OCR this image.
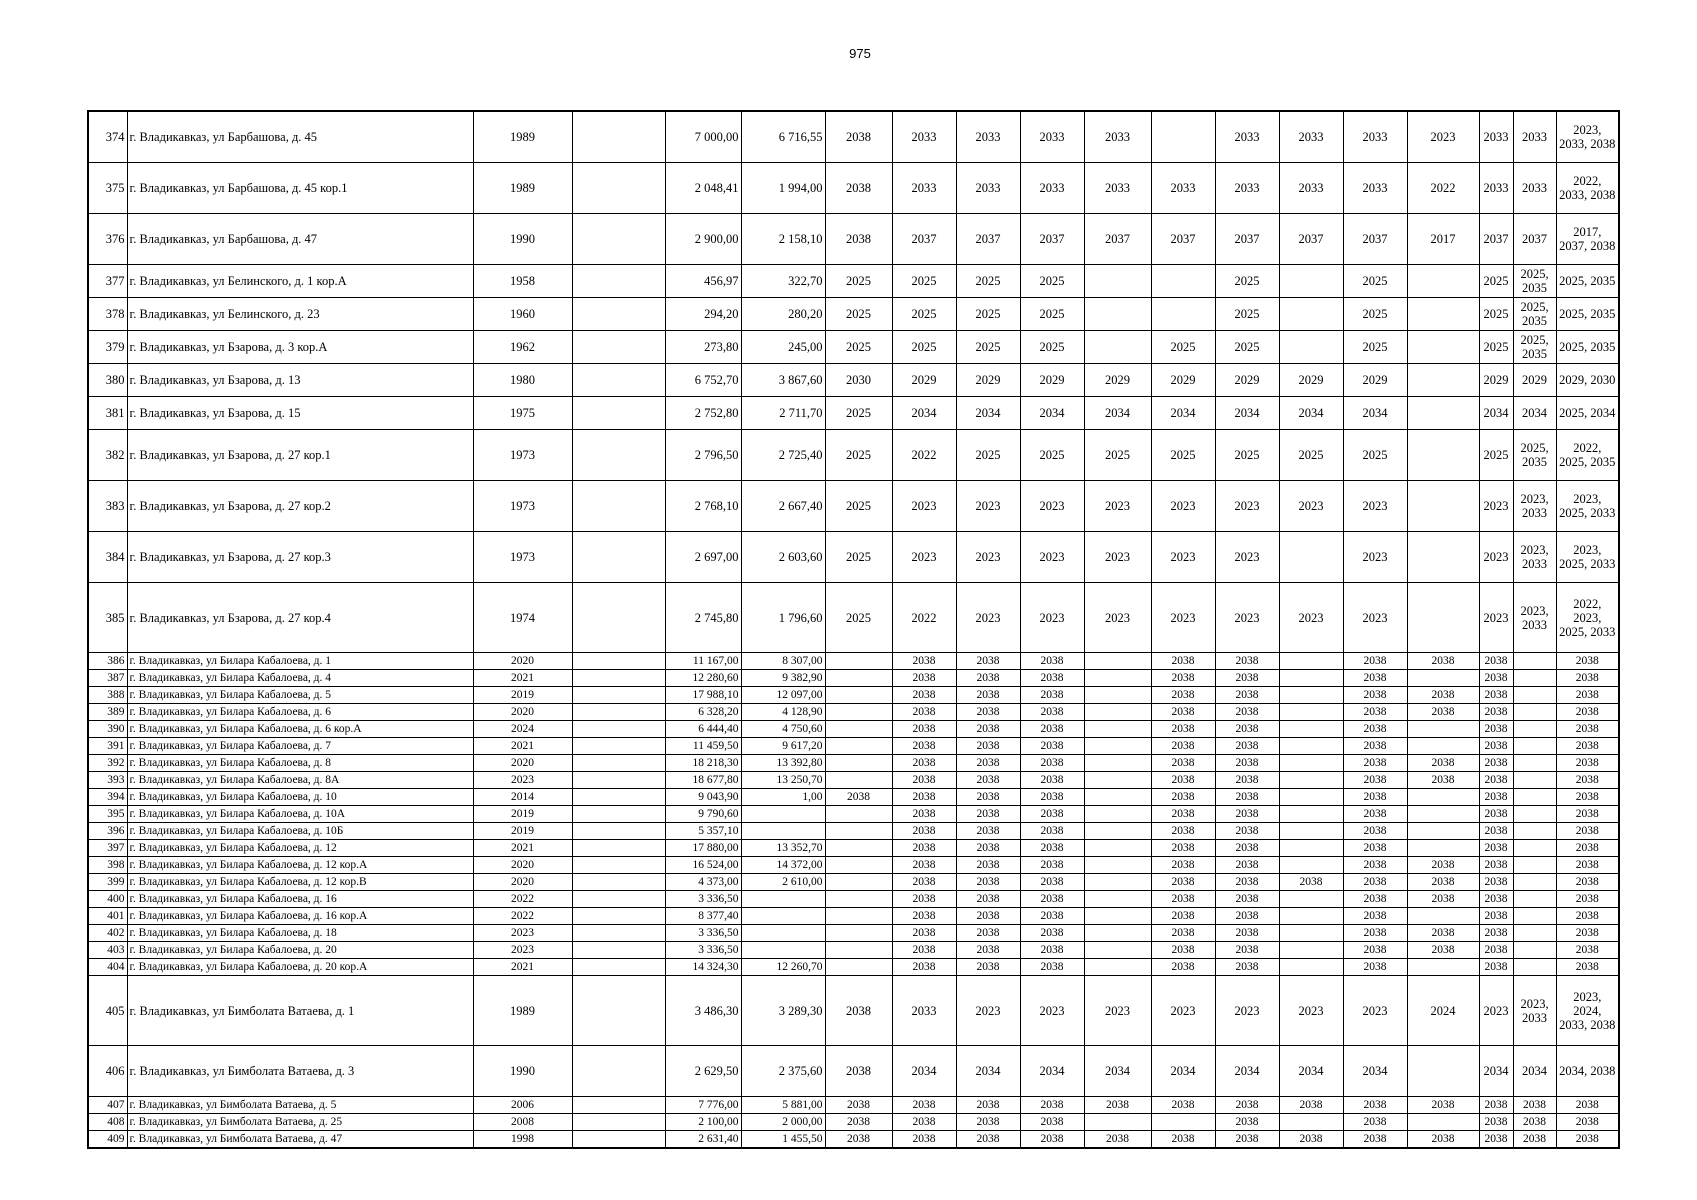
975
374	г. Владикавказ, ул Барбашова, д. 45	1989		7 000,00	6 716,55	2038	2033	2033	2033	2033		2033	2033	2033	2023	2033	2033	2023, 2033, 2038
375	г. Владикавказ, ул Барбашова, д. 45 кор.1	1989		2 048,41	1 994,00	2038	2033	2033	2033	2033	2033	2033	2033	2033	2022	2033	2033	2022, 2033, 2038
376	г. Владикавказ, ул Барбашова, д. 47	1990		2 900,00	2 158,10	2038	2037	2037	2037	2037	2037	2037	2037	2037	2017	2037	2037	2017, 2037, 2038
377	г. Владикавказ, ул Белинского, д. 1 кор.А	1958		456,97	322,70	2025	2025	2025	2025			2025		2025		2025	2025, 2035	2025, 2035
378	г. Владикавказ, ул Белинского, д. 23	1960		294,20	280,20	2025	2025	2025	2025			2025		2025		2025	2025, 2035	2025, 2035
379	г. Владикавказ, ул Бзарова, д. 3 кор.А	1962		273,80	245,00	2025	2025	2025	2025		2025	2025		2025		2025	2025, 2035	2025, 2035
380	г. Владикавказ, ул Бзарова, д. 13	1980		6 752,70	3 867,60	2030	2029	2029	2029	2029	2029	2029	2029	2029		2029	2029	2029, 2030
381	г. Владикавказ, ул Бзарова, д. 15	1975		2 752,80	2 711,70	2025	2034	2034	2034	2034	2034	2034	2034	2034		2034	2034	2025, 2034
382	г. Владикавказ, ул Бзарова, д. 27 кор.1	1973		2 796,50	2 725,40	2025	2022	2025	2025	2025	2025	2025	2025	2025		2025	2025, 2035	2022, 2025, 2035
383	г. Владикавказ, ул Бзарова, д. 27 кор.2	1973		2 768,10	2 667,40	2025	2023	2023	2023	2023	2023	2023	2023	2023		2023	2023, 2033	2023, 2025, 2033
384	г. Владикавказ, ул Бзарова, д. 27 кор.3	1973		2 697,00	2 603,60	2025	2023	2023	2023	2023	2023	2023		2023		2023	2023, 2033	2023, 2025, 2033
385	г. Владикавказ, ул Бзарова, д. 27 кор.4	1974		2 745,80	1 796,60	2025	2022	2023	2023	2023	2023	2023	2023	2023		2023	2023, 2033	2022, 2023, 2025, 2033
386	г. Владикавказ, ул Билара Кабалоева, д. 1	2020		11 167,00	8 307,00		2038	2038	2038		2038	2038		2038	2038	2038		2038
387	г. Владикавказ, ул Билара Кабалоева, д. 4	2021		12 280,60	9 382,90		2038	2038	2038		2038	2038		2038		2038		2038
388	г. Владикавказ, ул Билара Кабалоева, д. 5	2019		17 988,10	12 097,00		2038	2038	2038		2038	2038		2038	2038	2038		2038
389	г. Владикавказ, ул Билара Кабалоева, д. 6	2020		6 328,20	4 128,90		2038	2038	2038		2038	2038		2038	2038	2038		2038
390	г. Владикавказ, ул Билара Кабалоева, д. 6 кор.А	2024		6 444,40	4 750,60		2038	2038	2038		2038	2038		2038		2038		2038
391	г. Владикавказ, ул Билара Кабалоева, д. 7	2021		11 459,50	9 617,20		2038	2038	2038		2038	2038		2038		2038		2038
392	г. Владикавказ, ул Билара Кабалоева, д. 8	2020		18 218,30	13 392,80		2038	2038	2038		2038	2038		2038	2038	2038		2038
393	г. Владикавказ, ул Билара Кабалоева, д. 8А	2023		18 677,80	13 250,70		2038	2038	2038		2038	2038		2038	2038	2038		2038
394	г. Владикавказ, ул Билара Кабалоева, д. 10	2014		9 043,90	1,00	2038	2038	2038	2038		2038	2038		2038		2038		2038
395	г. Владикавказ, ул Билара Кабалоева, д. 10А	2019		9 790,60			2038	2038	2038		2038	2038		2038		2038		2038
396	г. Владикавказ, ул Билара Кабалоева, д. 10Б	2019		5 357,10			2038	2038	2038		2038	2038		2038		2038		2038
397	г. Владикавказ, ул Билара Кабалоева, д. 12	2021		17 880,00	13 352,70		2038	2038	2038		2038	2038		2038		2038		2038
398	г. Владикавказ, ул Билара Кабалоева, д. 12 кор.А	2020		16 524,00	14 372,00		2038	2038	2038		2038	2038		2038	2038	2038		2038
399	г. Владикавказ, ул Билара Кабалоева, д. 12 кор.В	2020		4 373,00	2 610,00		2038	2038	2038		2038	2038	2038	2038	2038	2038		2038
400	г. Владикавказ, ул Билара Кабалоева, д. 16	2022		3 336,50			2038	2038	2038		2038	2038		2038	2038	2038		2038
401	г. Владикавказ, ул Билара Кабалоева, д. 16 кор.А	2022		8 377,40			2038	2038	2038		2038	2038		2038		2038		2038
402	г. Владикавказ, ул Билара Кабалоева, д. 18	2023		3 336,50			2038	2038	2038		2038	2038		2038	2038	2038		2038
403	г. Владикавказ, ул Билара Кабалоева, д. 20	2023		3 336,50			2038	2038	2038		2038	2038		2038	2038	2038		2038
404	г. Владикавказ, ул Билара Кабалоева, д. 20 кор.А	2021		14 324,30	12 260,70		2038	2038	2038		2038	2038		2038		2038		2038
405	г. Владикавказ, ул Бимболата Ватаева, д. 1	1989		3 486,30	3 289,30	2038	2033	2023	2023	2023	2023	2023	2023	2023	2024	2023	2023, 2033	2023, 2024, 2033, 2038
406	г. Владикавказ, ул Бимболата Ватаева, д. 3	1990		2 629,50	2 375,60	2038	2034	2034	2034	2034	2034	2034	2034	2034		2034	2034	2034, 2038
407	г. Владикавказ, ул Бимболата Ватаева, д. 5	2006		7 776,00	5 881,00	2038	2038	2038	2038	2038	2038	2038	2038	2038	2038	2038	2038	2038
408	г. Владикавказ, ул Бимболата Ватаева, д. 25	2008		2 100,00	2 000,00	2038	2038	2038	2038			2038		2038		2038	2038	2038
409	г. Владикавказ, ул Бимболата Ватаева, д. 47	1998		2 631,40	1 455,50	2038	2038	2038	2038	2038	2038	2038	2038	2038	2038	2038	2038	2038
